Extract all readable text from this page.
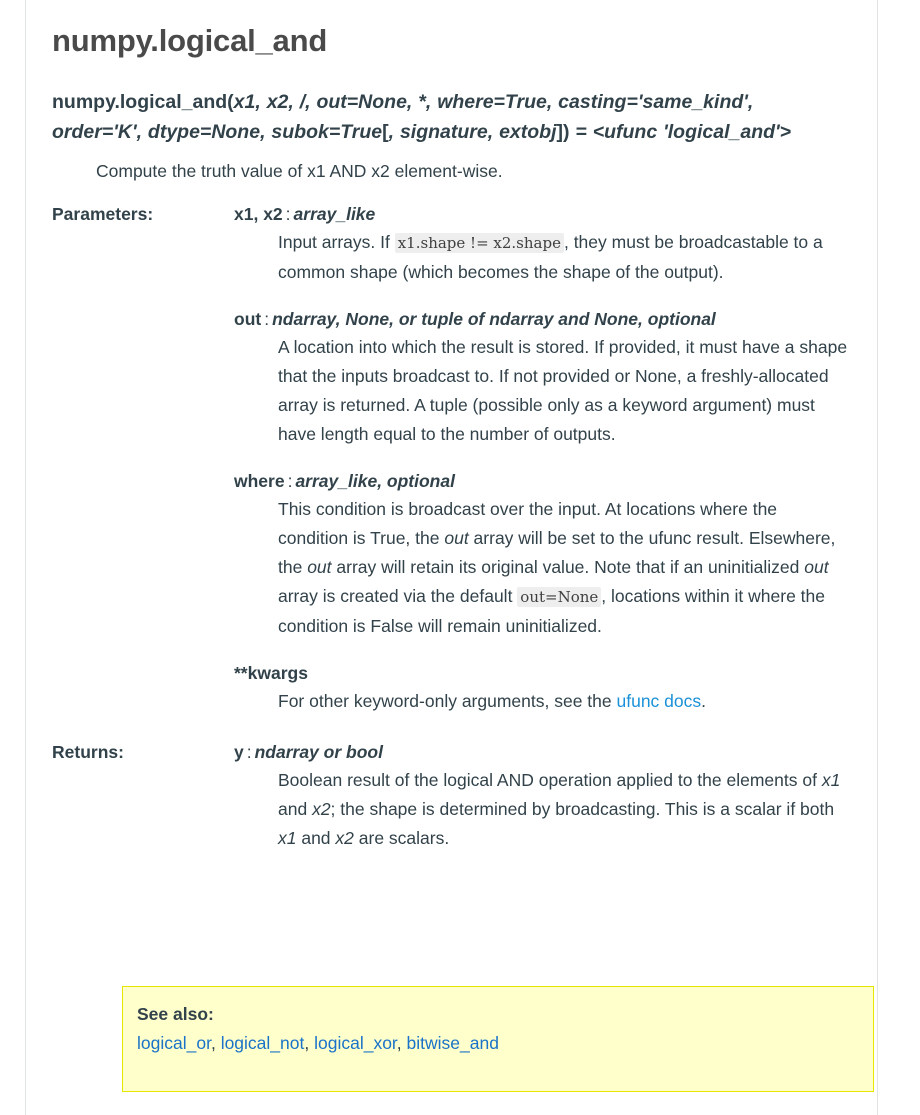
numpy.logical_and
numpy.logical_and(x1, x2, /, out=None, *, where=True, casting='same_kind', order='K', dtype=None, subok=True[, signature, extobj]) = <ufunc 'logical_and'>

Compute the truth value of x1 AND x2 element-wise.

Parameters:	x1, x2 : array_like
Input arrays. If x1.shape != x2.shape , they must be broadcastable to a common shape (which becomes the shape of the output).
out : ndarray, None, or tuple of ndarray and None, optional
A location into which the result is stored. If provided, it must have a shape that the inputs broadcast to. If not provided or None, a freshly-allocated array is returned. A tuple (possible only as a keyword argument) must have length equal to the number of outputs.
where : array_like, optional
This condition is broadcast over the input. At locations where the condition is True, the out array will be set to the ufunc result. Elsewhere, the out array will retain its original value. Note that if an uninitialized out array is created via the default out=None , locations within it where the condition is False will remain uninitialized.
**kwargs
For other keyword-only arguments, see the ufunc docs.
Returns:	y : ndarray or bool
Boolean result of the logical AND operation applied to the elements of x1 and x2; the shape is determined by broadcasting. This is a scalar if both x1 and x2 are scalars.
See also:
logical_or, logical_not, logical_xor, bitwise_and
